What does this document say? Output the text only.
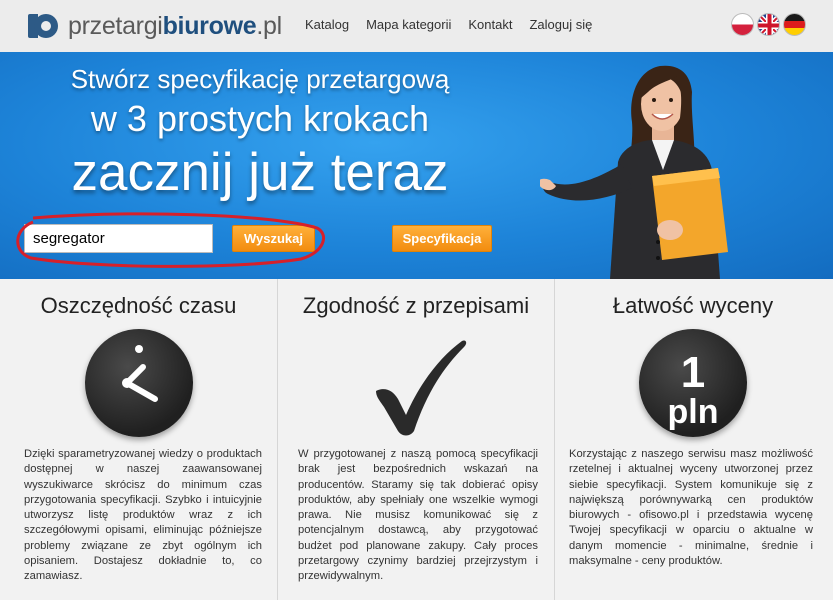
przetargibiurowe.pl Katalog Mapa kategorii Kontakt Zaloguj się
Stwórz specyfikację przetargową
w 3 prostych krokach
zacznij już teraz
segregator
Wyszukaj	Specyfikacja
Oszczędność czasu

Dzięki sparametryzowanej wiedzy o produktach dostępnej w naszej zaawansowanej wyszukiwarce skrócisz do minimum czas przygotowania specyfikacji. Szybko i intuicyjnie utworzysz listę produktów wraz z ich szczegółowymi opisami, eliminując późniejsze problemy związane ze zbyt ogólnym ich opisaniem. Dostajesz dokładnie to, co zamawiasz.

Zgodność z przepisami

W przygotowanej z naszą pomocą specyfikacji brak jest bezpośrednich wskazań na producentów. Staramy się tak dobierać opisy produktów, aby spełniały one wszelkie wymogi prawa. Nie musisz komunikować się z potencjalnym dostawcą, aby przygotować budżet pod planowane zakupy. Cały proces przetargowy czynimy bardziej przejrzystym i przewidywalnym.

Łatwość wyceny
1
pln

Korzystając z naszego serwisu masz możliwość rzetelnej i aktualnej wyceny utworzonej przez siebie specyfikacji. System komunikuje się z największą porównywarką cen produktów biurowych - ofisowo.pl i przedstawia wycenę Twojej specyfikacji w oparciu o aktualne w danym momencie - minimalne, średnie i maksymalne - ceny produktów.
